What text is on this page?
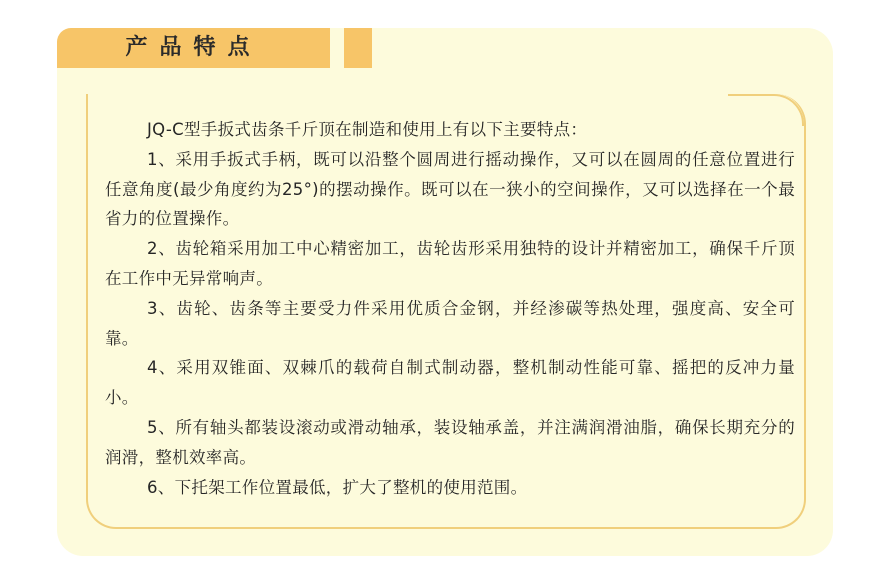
产品特点

JQ-C型手扳式齿条千斤顶在制造和使用上有以下主要特点：

1、采用手扳式手柄，既可以沿整个圆周进行摇动操作，又可以在圆周的任意位置进行任意角度(最少角度约为25°)的摆动操作。既可以在一狭小的空间操作，又可以选择在一个最省力的位置操作。

2、齿轮箱采用加工中心精密加工，齿轮齿形采用独特的设计并精密加工，确保千斤顶在工作中无异常响声。

3、齿轮、齿条等主要受力件采用优质合金钢，并经渗碳等热处理，强度高、安全可靠。

4、采用双锥面、双棘爪的载荷自制式制动器，整机制动性能可靠、摇把的反冲力量小。

5、所有轴头都装设滚动或滑动轴承，装设轴承盖，并注满润滑油脂，确保长期充分的润滑，整机效率高。

6、下托架工作位置最低，扩大了整机的使用范围。
